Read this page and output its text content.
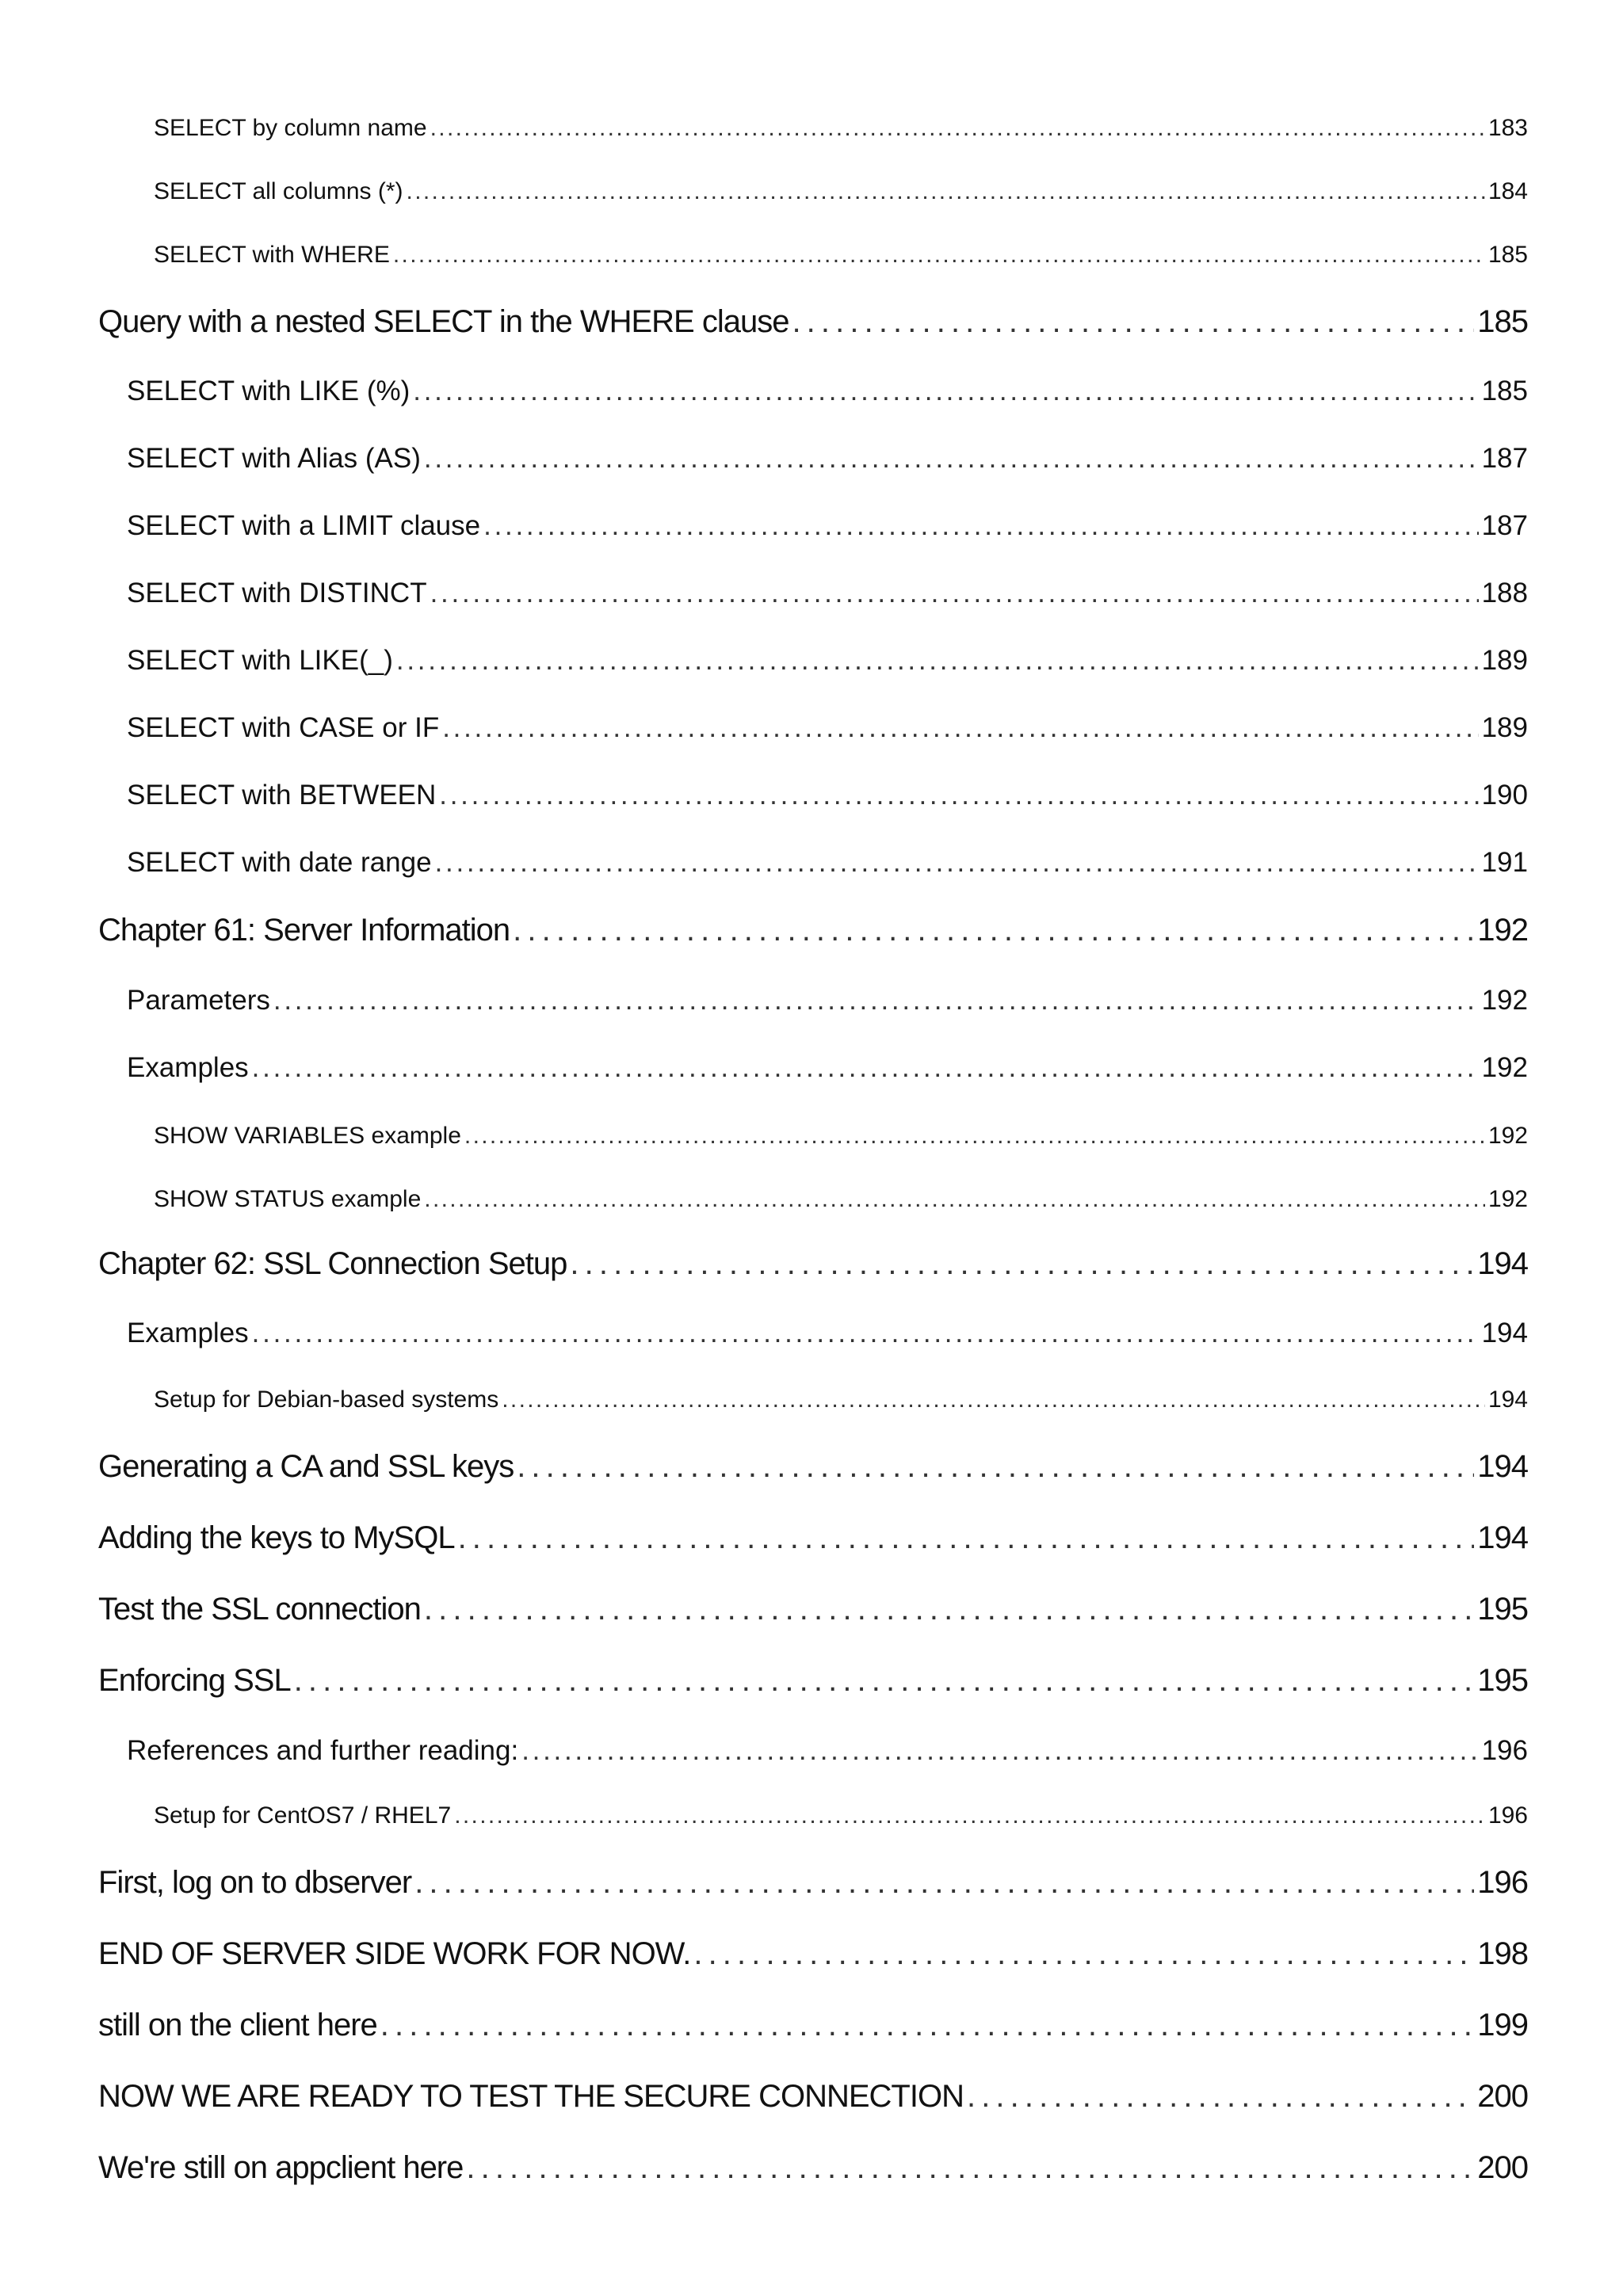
SELECT by column name . . .	183
SELECT all columns (*) . . .	184
SELECT with WHERE . . .	185
Query with a nested SELECT in the WHERE clause . . .	185
SELECT with LIKE (%) . . .	185
SELECT with Alias (AS) . . .	187
SELECT with a LIMIT clause . . .	187
SELECT with DISTINCT . . .	188
SELECT with LIKE(_) . . .	189
SELECT with CASE or IF . . .	189
SELECT with BETWEEN . . .	190
SELECT with date range . . .	191
Chapter 61: Server Information . . .	192
Parameters . . .	192
Examples . . .	192
SHOW VARIABLES example . . .	192
SHOW STATUS example . . .	192
Chapter 62: SSL Connection Setup . . .	194
Examples . . .	194
Setup for Debian-based systems . . .	194
Generating a CA and SSL keys . . .	194
Adding the keys to MySQL . . .	194
Test the SSL connection . . .	195
Enforcing SSL . . .	195
References and further reading: . . .	196
Setup for CentOS7 / RHEL7 . . .	196
First, log on to dbserver . . .	196
END OF SERVER SIDE WORK FOR NOW. . . .	198
still on the client here . . .	199
NOW WE ARE READY TO TEST THE SECURE CONNECTION . . .	200
We're still on appclient here . . .	200
